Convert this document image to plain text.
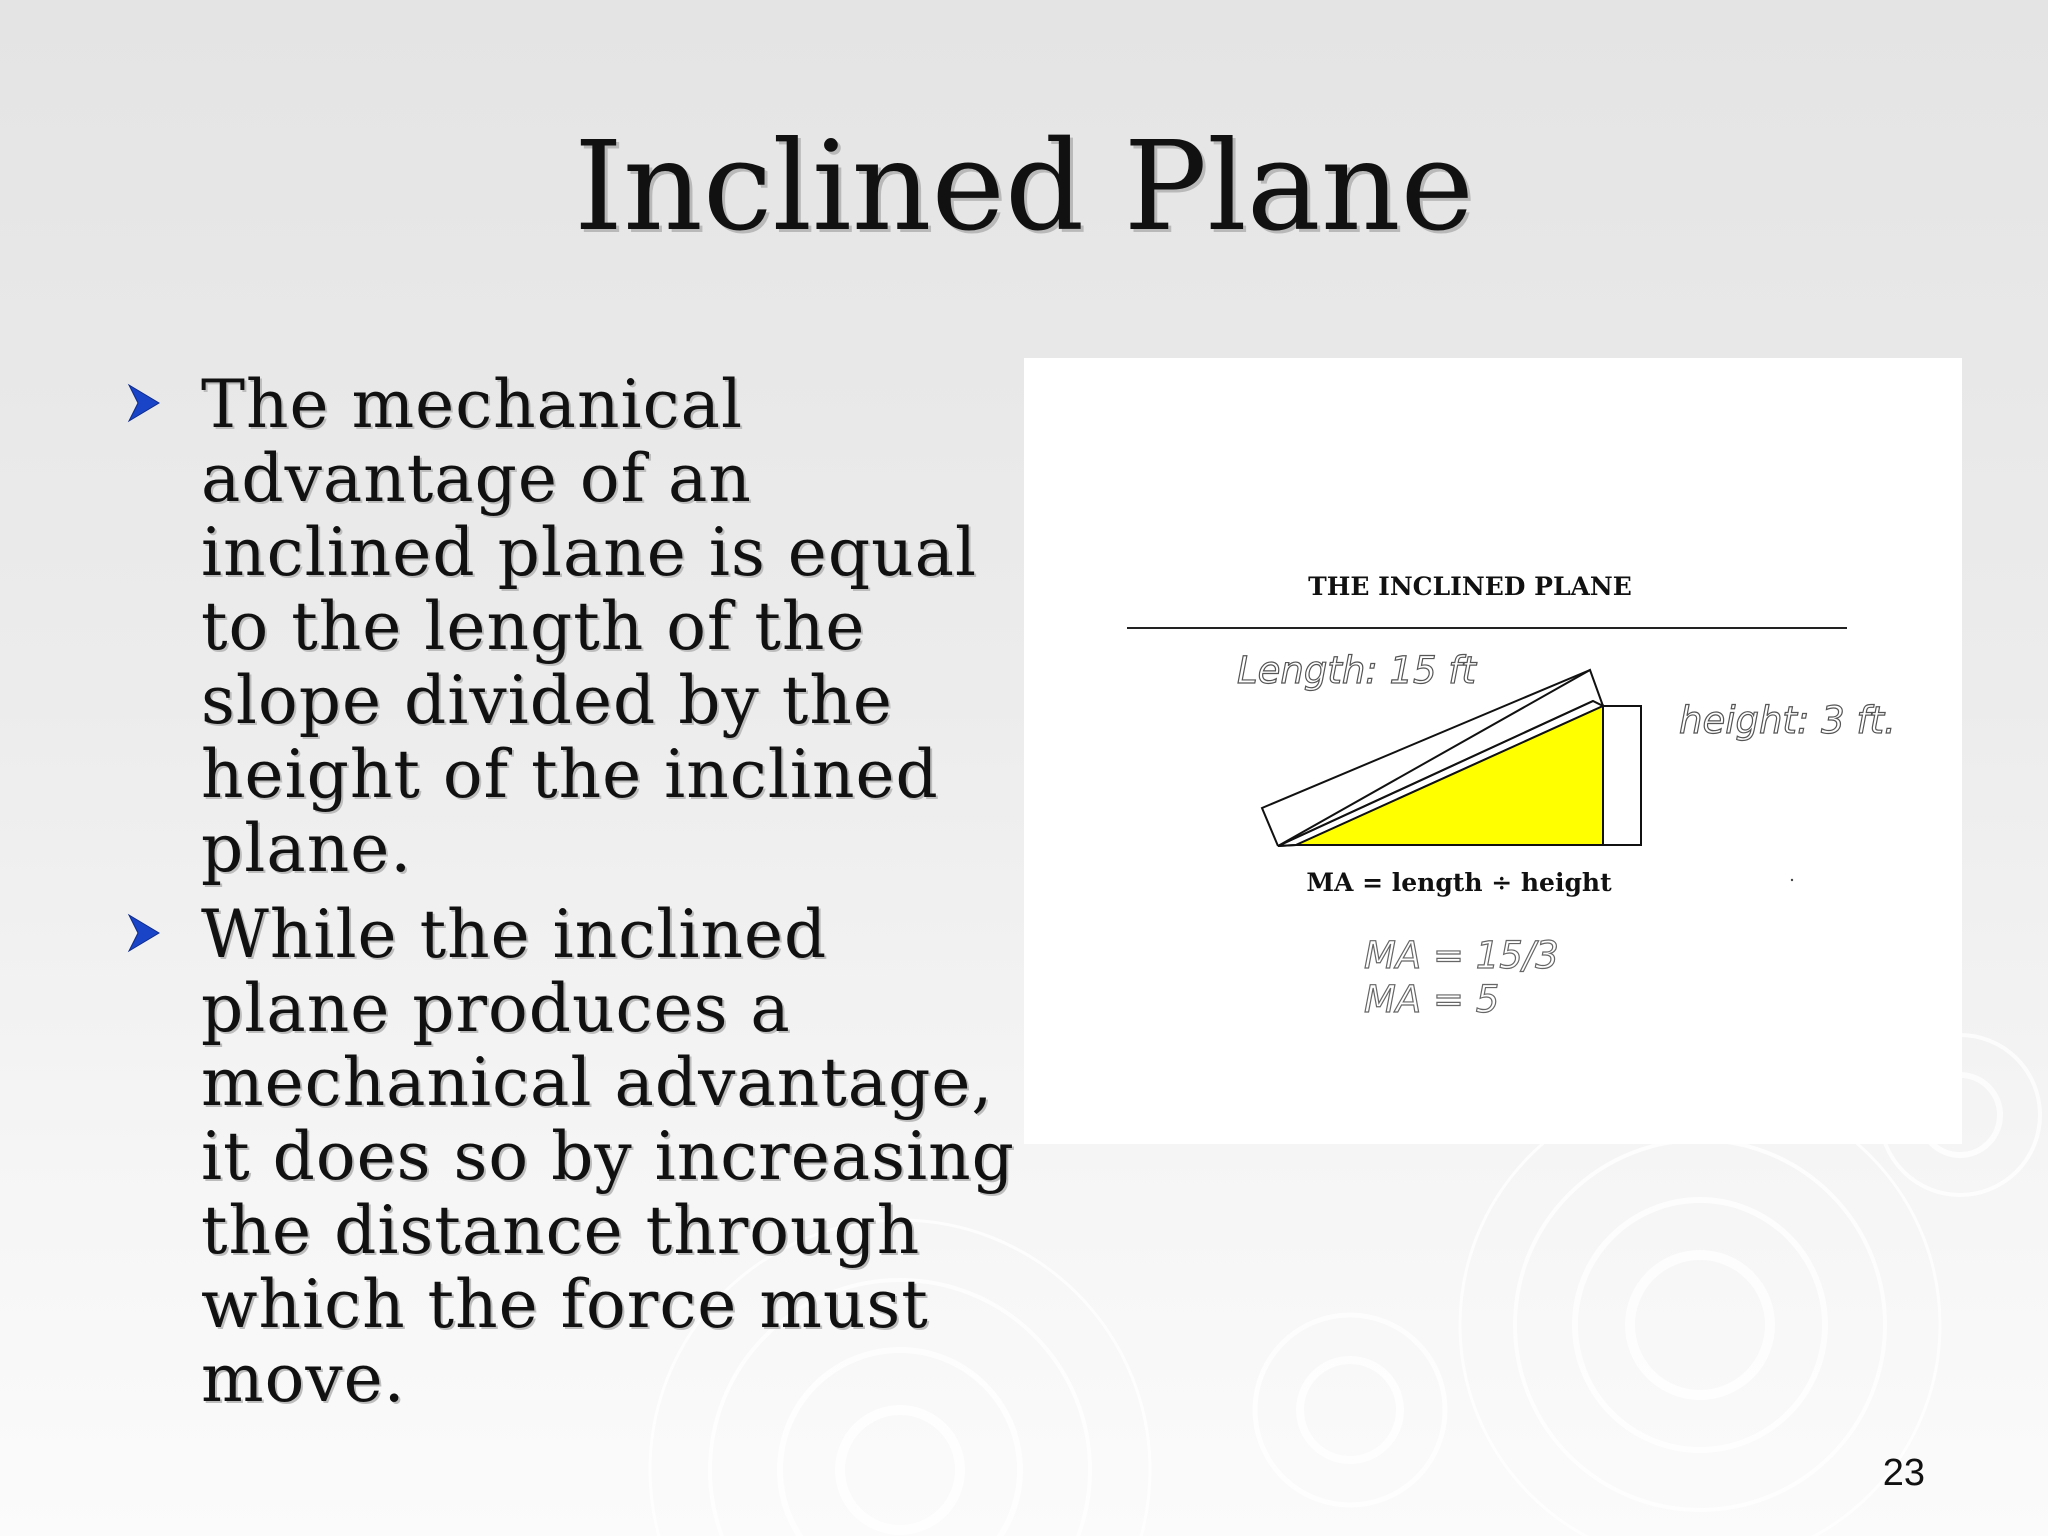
Inclined Plane
The mechanical advantage of an inclined plane is equal to the length of the slope divided by the height of the inclined plane.
While the inclined plane produces a mechanical advantage, it does so by increasing the distance through which the force must move.
THE INCLINED PLANE
Length: 15 ft
height: 3 ft.
MA = length ÷ height
MA = 15/3
MA = 5
23
